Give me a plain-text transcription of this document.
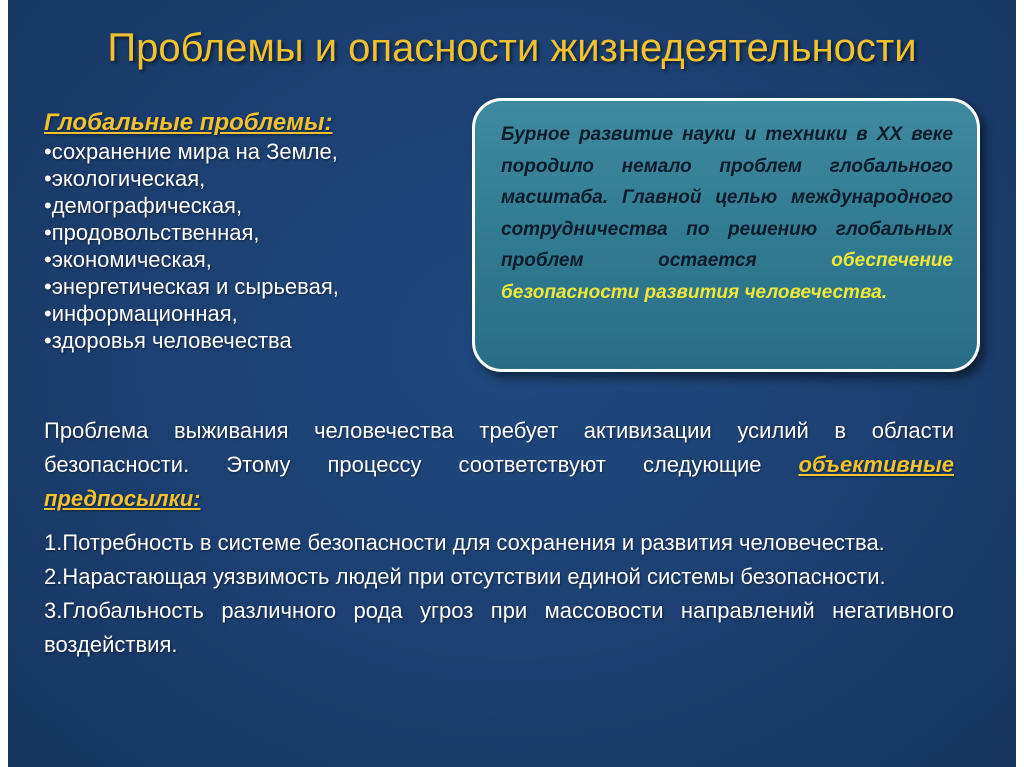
Проблемы и опасности жизнедеятельности
Глобальные проблемы:
•сохранение мира на Земле,
•экологическая,
•демографическая,
•продовольственная,
•экономическая,
•энергетическая и сырьевая,
•информационная,
•здоровья человечества
Бурное развитие науки и техники в XX веке породило немало проблем глобального масштаба. Главной целью международного сотрудничества по решению глобальных проблем остается обеспечение безопасности развития человечества.
Проблема выживания человечества требует активизации усилий в области безопасности. Этому процессу соответствуют следующие объективные предпосылки:
1.Потребность в системе безопасности для сохранения и развития человечества.
2.Нарастающая уязвимость людей при отсутствии единой системы безопасности.
3.Глобальность различного рода угроз при массовости направлений негативного воздействия.
